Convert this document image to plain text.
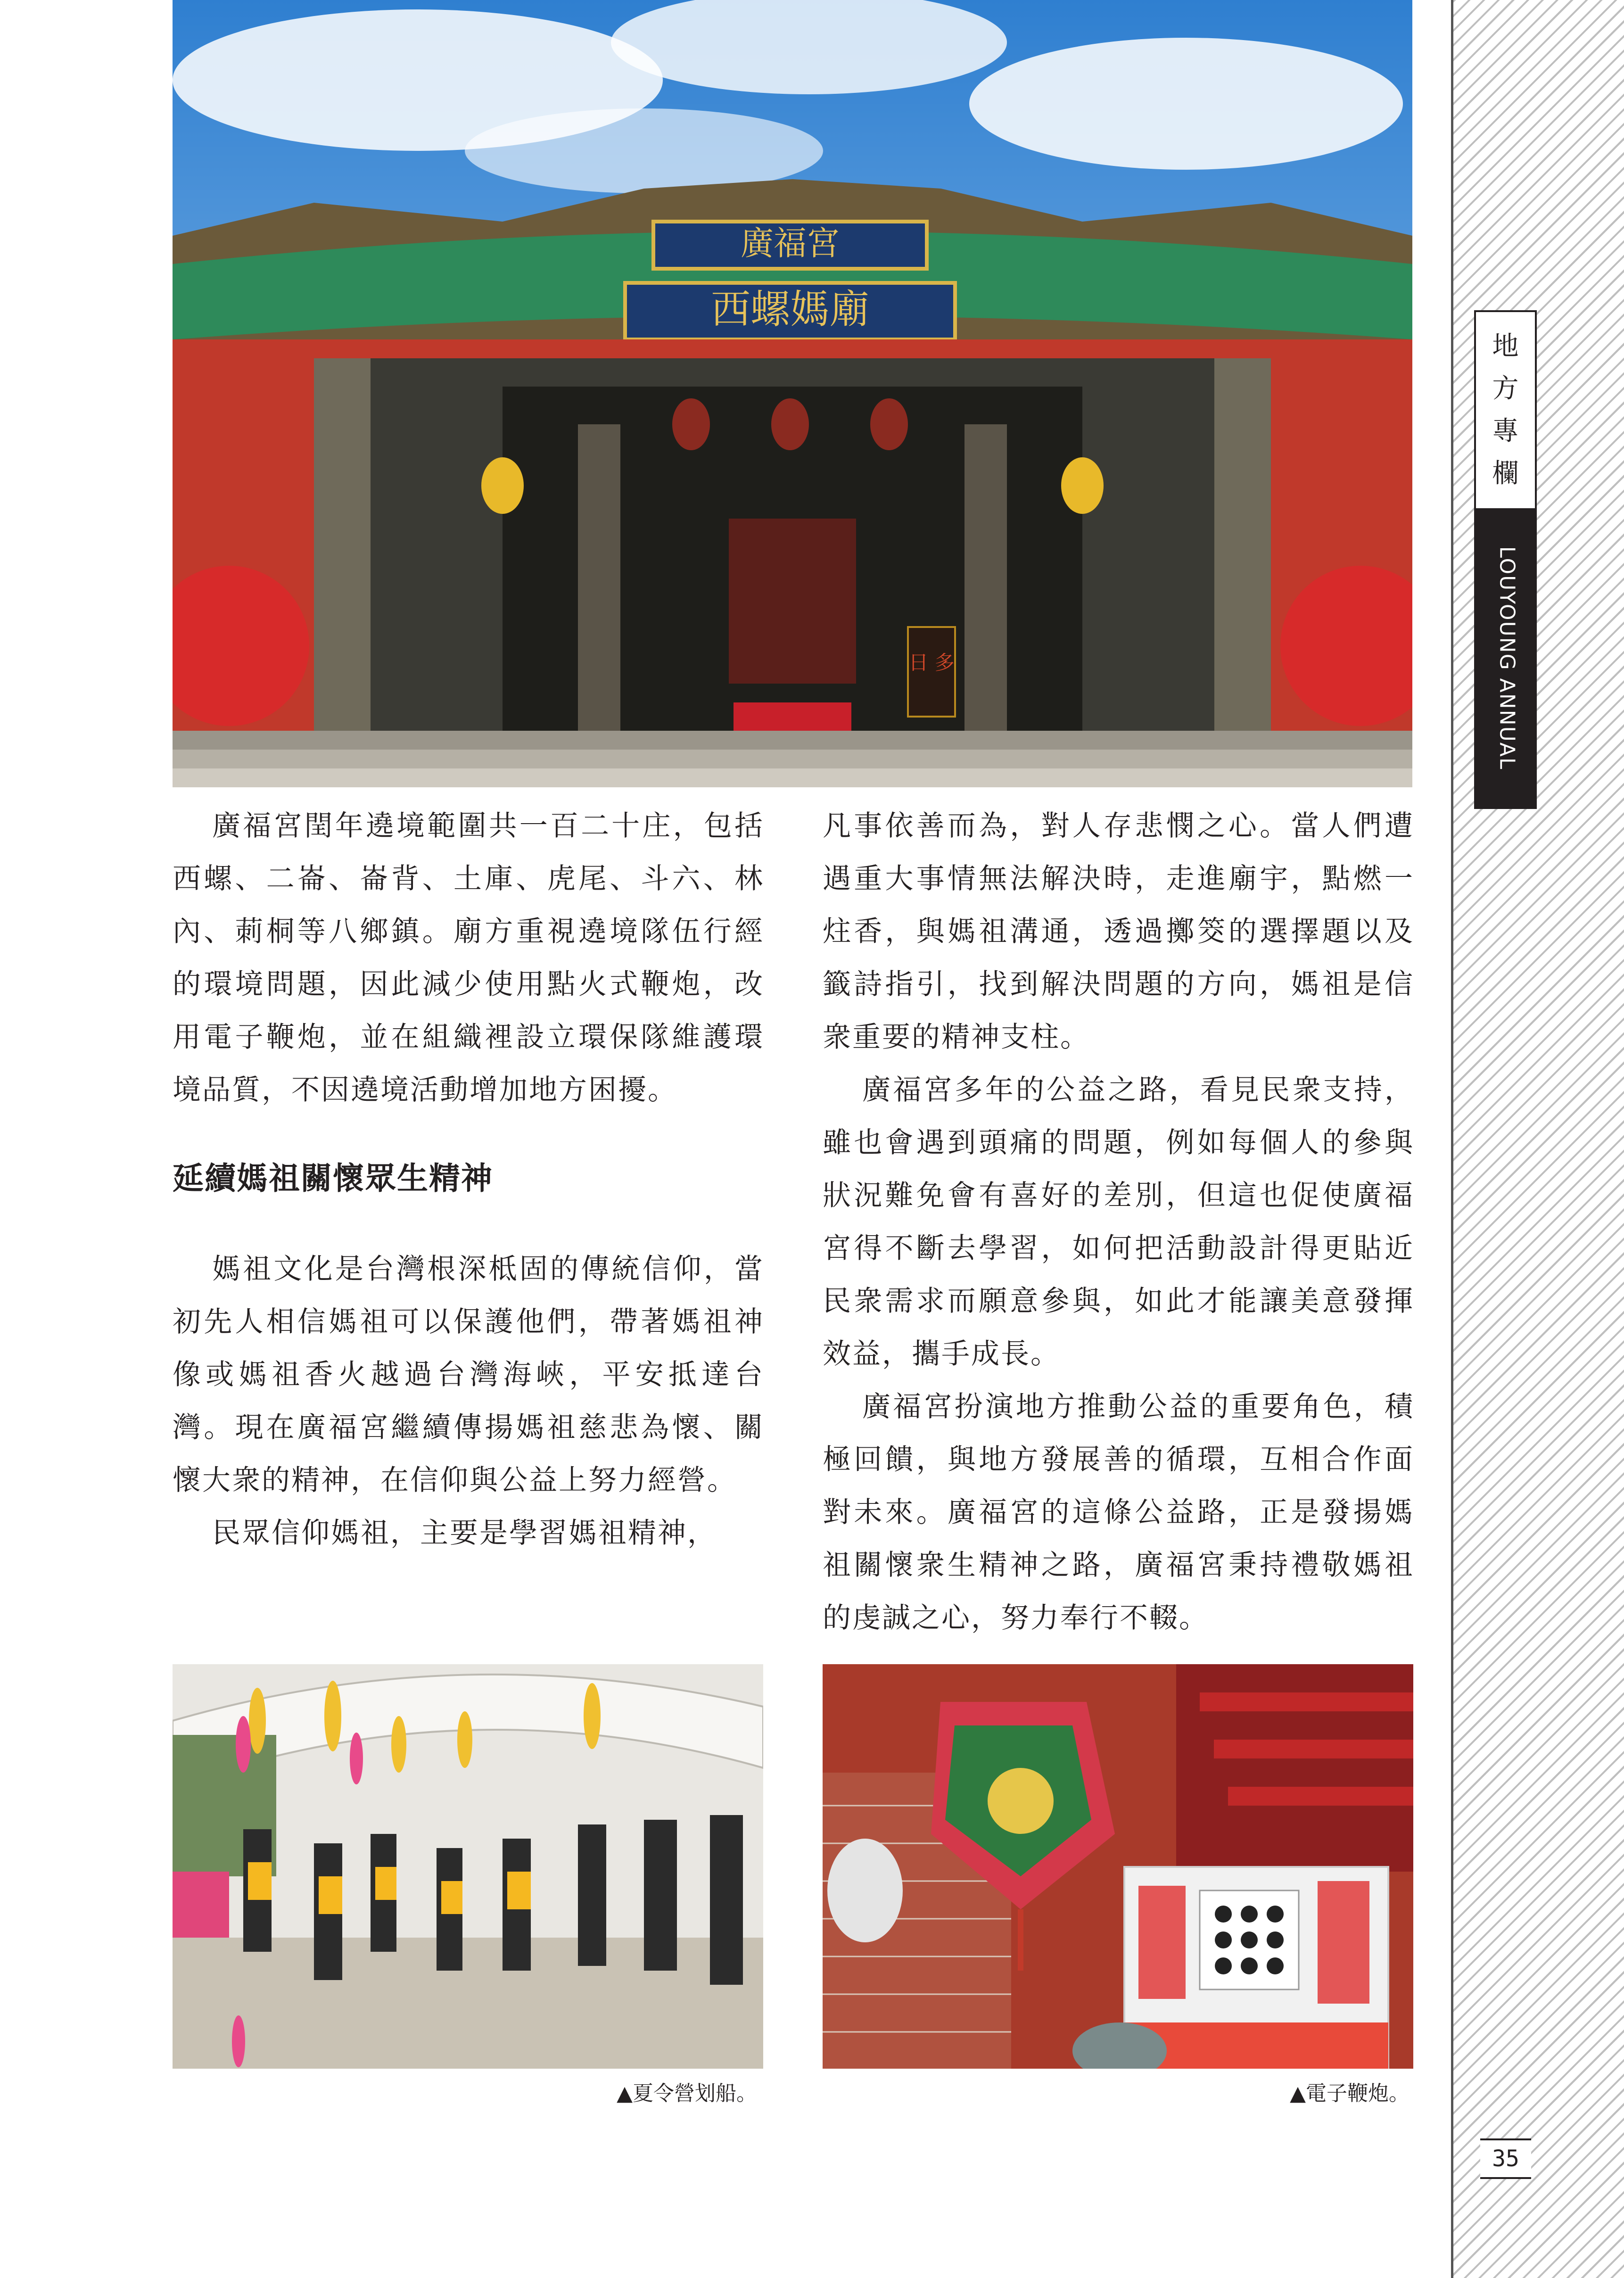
地
方
專
欄
LOUYOUNG ANNUAL
35
廣福宮
西螺媽廟
日 多

廣福宮閏年遶境範圍共一百二十庄，包括西螺、二崙、崙背、土庫、虎尾、斗六、林內、莿桐等八鄉鎮。廟方重視遶境隊伍行經的環境問題，因此減少使用點火式鞭炮，改用電子鞭炮，並在組織裡設立環保隊維護環境品質，不因遶境活動增加地方困擾。

延續媽祖關懷眾生精神

媽祖文化是台灣根深柢固的傳統信仰，當初先人相信媽祖可以保護他們，帶著媽祖神像或媽祖香火越過台灣海峽，平安抵達台灣。現在廣福宮繼續傳揚媽祖慈悲為懷、關懷大衆的精神，在信仰與公益上努力經營。

民眾信仰媽祖，主要是學習媽祖精神，

凡事依善而為，對人存悲憫之心。當人們遭遇重大事情無法解決時，走進廟宇，點燃一炷香，與媽祖溝通，透過擲筊的選擇題以及籤詩指引，找到解決問題的方向，媽祖是信衆重要的精神支柱。

廣福宮多年的公益之路，看見民衆支持，雖也會遇到頭痛的問題，例如每個人的參與狀況難免會有喜好的差別，但這也促使廣福宮得不斷去學習，如何把活動設計得更貼近民衆需求而願意參與，如此才能讓美意發揮效益，攜手成長。

廣福宮扮演地方推動公益的重要角色，積極回饋，與地方發展善的循環，互相合作面對未來。廣福宮的這條公益路，正是發揚媽祖關懷衆生精神之路，廣福宮秉持禮敬媽祖的虔誠之心，努力奉行不輟。

▲夏令營划船。	▲電子鞭炮。
